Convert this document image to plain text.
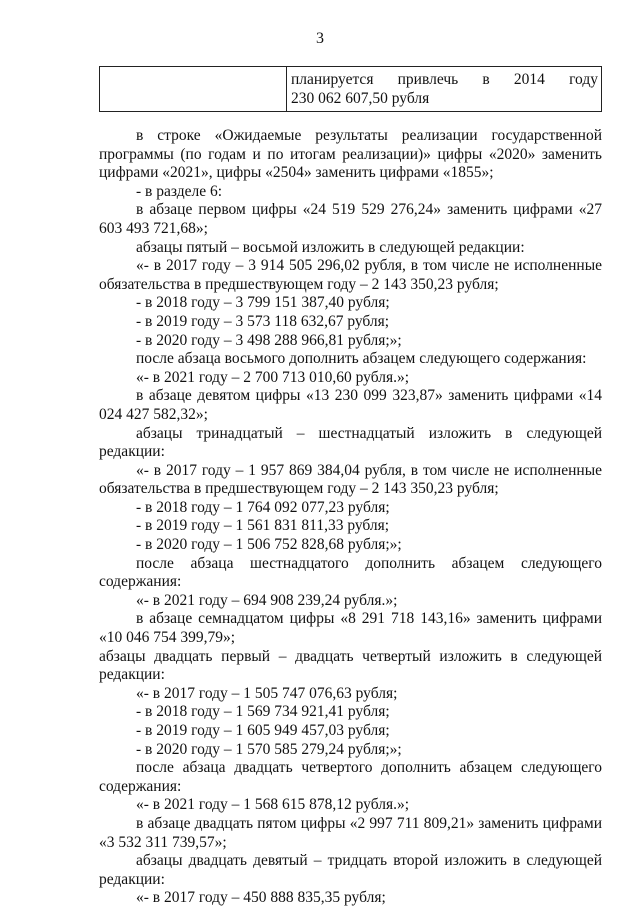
3

планируется привлечь в 2014 году
230 062 607,50 рубля

в строке «Ожидаемые результаты реализации государственной программы (по годам и по итогам реализации)» цифры «2020» заменить цифрами «2021», цифры «2504» заменить цифрами «1855»;

- в разделе 6:

в абзаце первом цифры «24 519 529 276,24» заменить цифрами «27 603 493 721,68»;

абзацы пятый – восьмой изложить в следующей редакции:

«- в 2017 году – 3 914 505 296,02 рубля, в том числе не исполненные обязательства в предшествующем году – 2 143 350,23 рубля;

- в 2018 году – 3 799 151 387,40 рубля;

- в 2019 году – 3 573 118 632,67 рубля;

- в 2020 году – 3 498 288 966,81 рубля;»;

после абзаца восьмого дополнить абзацем следующего содержания:

«- в 2021 году – 2 700 713 010,60 рубля.»;

в абзаце девятом цифры «13 230 099 323,87» заменить цифрами «14 024 427 582,32»;

абзацы тринадцатый – шестнадцатый изложить в следующей редакции:

«- в 2017 году – 1 957 869 384,04 рубля, в том числе не исполненные обязательства в предшествующем году – 2 143 350,23 рубля;

- в 2018 году – 1 764 092 077,23 рубля;

- в 2019 году – 1 561 831 811,33 рубля;

- в 2020 году – 1 506 752 828,68 рубля;»;

после абзаца шестнадцатого дополнить абзацем следующего содержания:

«- в 2021 году – 694 908 239,24 рубля.»;

в абзаце семнадцатом цифры «8 291 718 143,16» заменить цифрами «10 046 754 399,79»;

абзацы двадцать первый – двадцать четвертый изложить в следующей редакции:

«- в 2017 году – 1 505 747 076,63 рубля;

- в 2018 году – 1 569 734 921,41 рубля;

- в 2019 году – 1 605 949 457,03 рубля;

- в 2020 году – 1 570 585 279,24 рубля;»;

после абзаца двадцать четвертого дополнить абзацем следующего содержания:

«- в 2021 году – 1 568 615 878,12 рубля.»;

в абзаце двадцать пятом цифры «2 997 711 809,21» заменить цифрами «3 532 311 739,57»;

абзацы двадцать девятый – тридцать второй изложить в следующей редакции:

«- в 2017 году – 450 888 835,35 рубля;
